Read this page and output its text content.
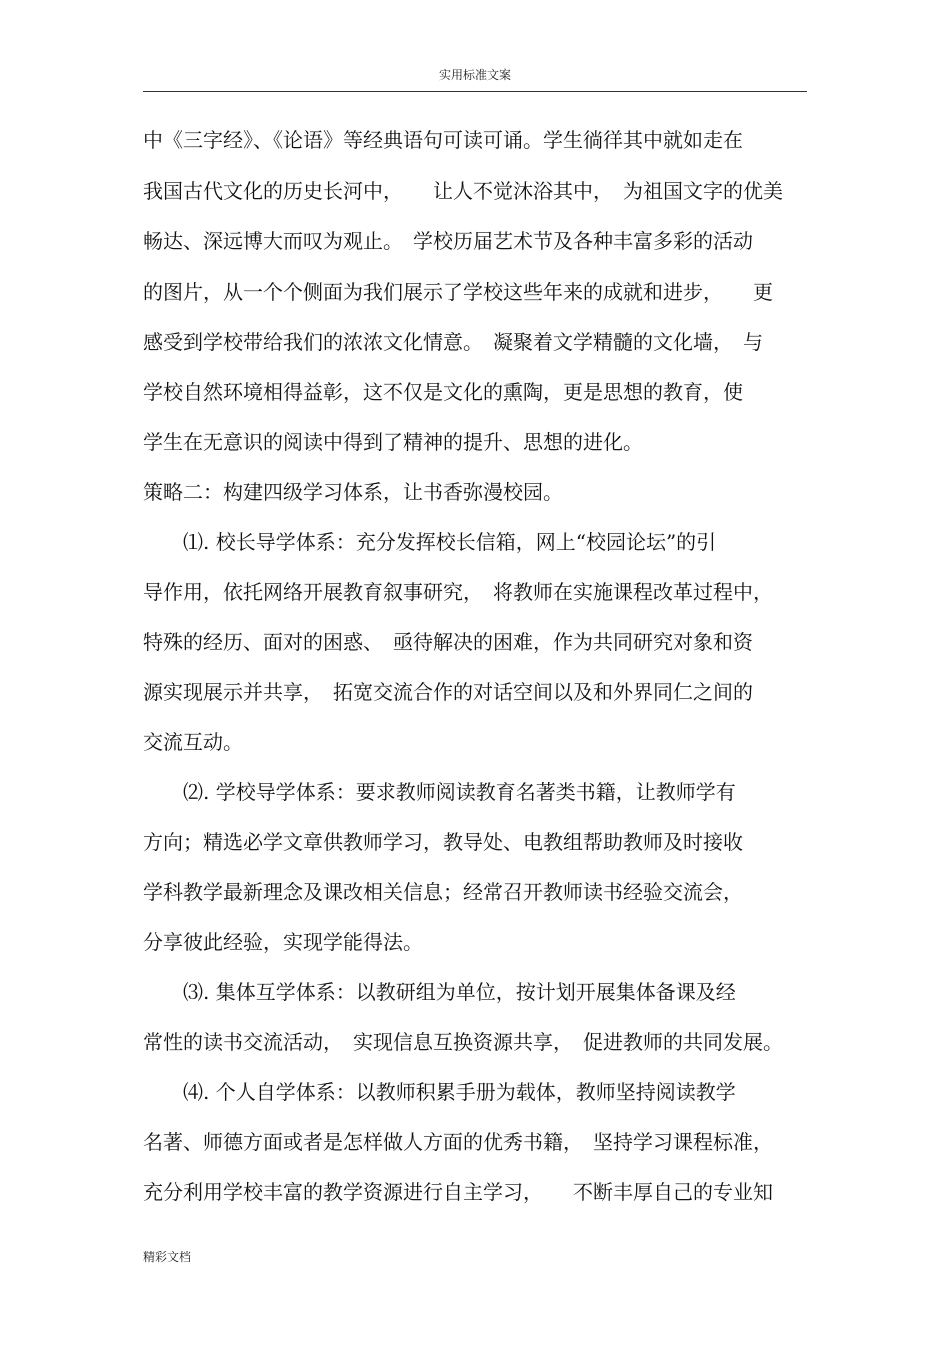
实用标准文案
中《三字经》、《论语》等经典语句可读可诵。学生徜徉其中就如走在
我国古代文化的历史长河中，　　让人不觉沐浴其中，　为祖国文字的优美
畅达、深远博大而叹为观止。　学校历届艺术节及各种丰富多彩的活动
的图片，从一个个侧面为我们展示了学校这些年来的成就和进步，　　更
感受到学校带给我们的浓浓文化情意。　凝聚着文学精髓的文化墙，　与
学校自然环境相得益彰，这不仅是文化的熏陶，更是思想的教育，使
学生在无意识的阅读中得到了精神的提升、思想的进化。
策略二：构建四级学习体系，让书香弥漫校园。
⑴. 校长导学体系：充分发挥校长信箱，网上“校园论坛”的引
导作用，依托网络开展教育叙事研究，　将教师在实施课程改革过程中，
特殊的经历、面对的困惑、　亟待解决的困难，作为共同研究对象和资
源实现展示并共享，　拓宽交流合作的对话空间以及和外界同仁之间的
交流互动。
⑵. 学校导学体系：要求教师阅读教育名著类书籍，让教师学有
方向；精选必学文章供教师学习，教导处、电教组帮助教师及时接收
学科教学最新理念及课改相关信息；经常召开教师读书经验交流会，
分享彼此经验，实现学能得法。
⑶. 集体互学体系：以教研组为单位，按计划开展集体备课及经
常性的读书交流活动，　实现信息互换资源共享，　促进教师的共同发展。
⑷. 个人自学体系：以教师积累手册为载体，教师坚持阅读教学
名著、师德方面或者是怎样做人方面的优秀书籍，　坚持学习课程标准，
充分利用学校丰富的教学资源进行自主学习，　　不断丰厚自己的专业知
精彩文档
